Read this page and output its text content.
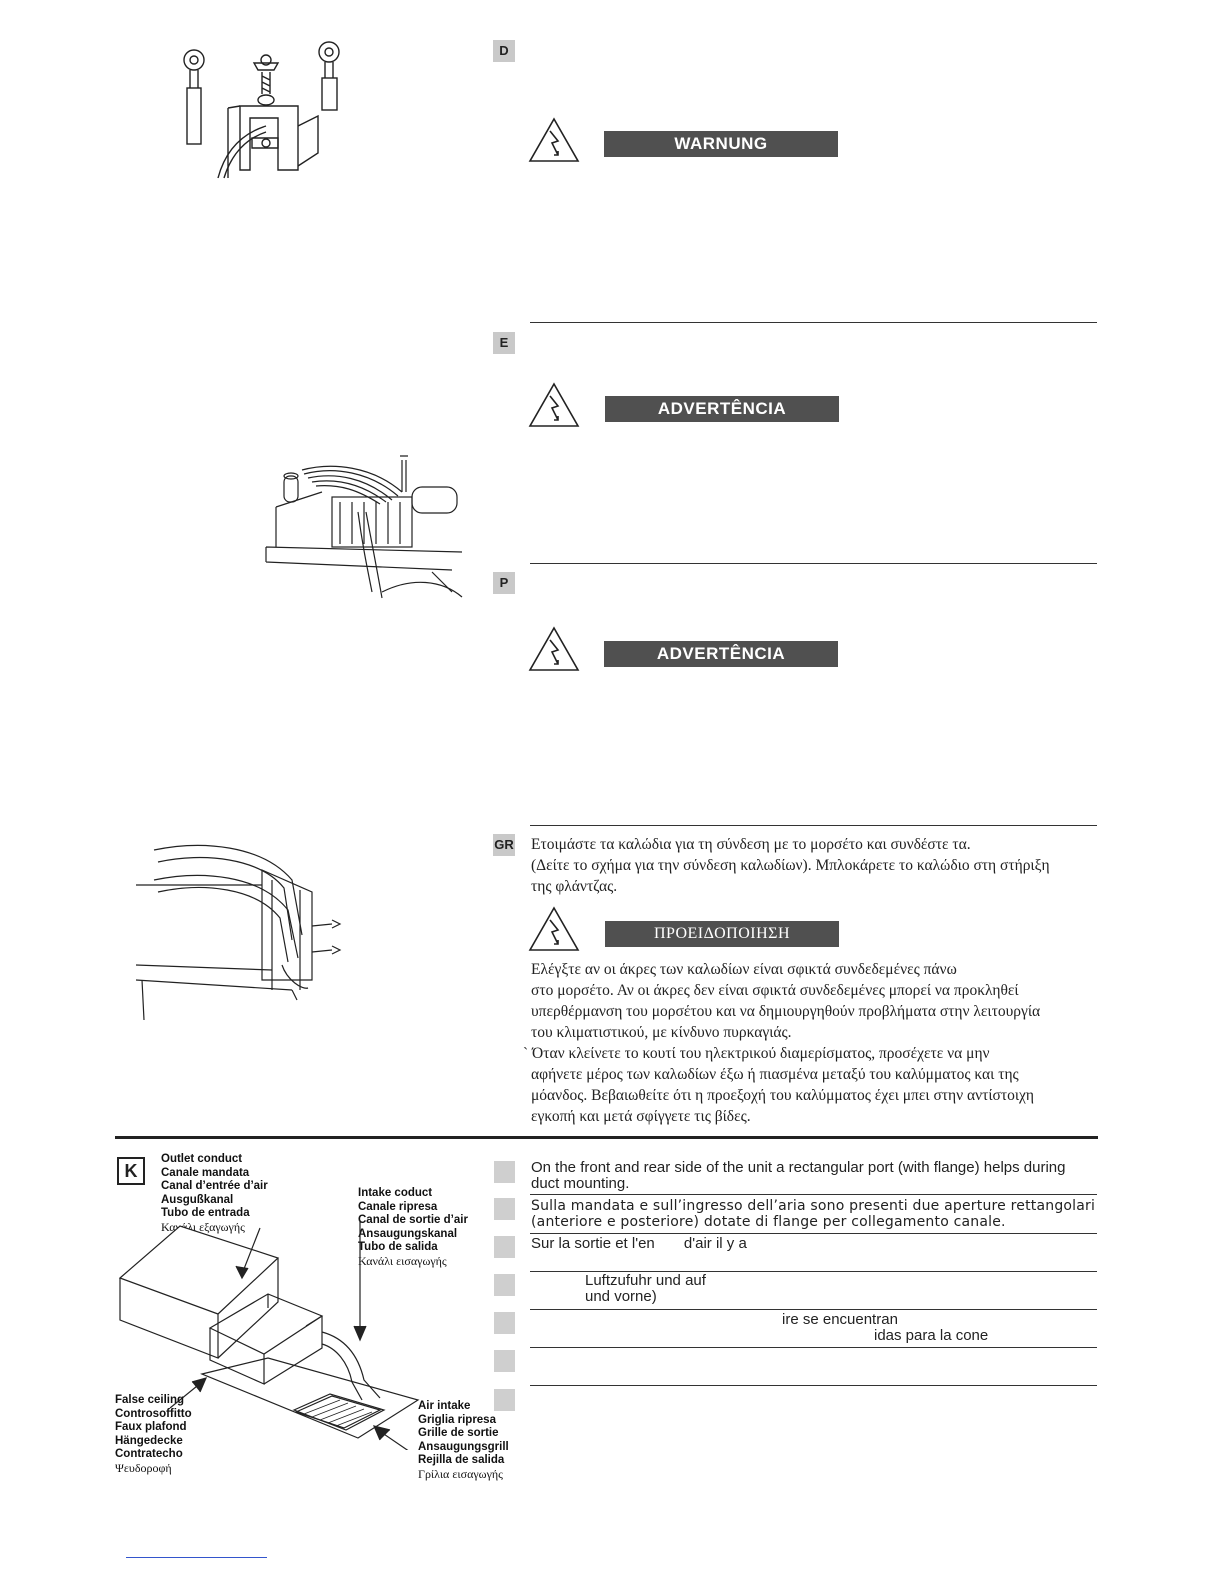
D
WARNUNG
E
ADVERTÊNCIA
P
ADVERTÊNCIA
GR Ετοιμάστε τα καλώδια για τη σύνδεση με το μορσέτο και συνδέστε τα.
(Δείτε το σχήμα για την σύνδεση καλωδίων). Μπλοκάρετε το καλώδιο στη στήριξη
της φλάντζας.
ΠΡΟΕΙΔΟΠΟΙΗΣΗ
Ελέγξτε αν οι άκρες των καλωδίων είναι σφικτά συνδεδεμένες πάνω
στο μορσέτο. Αν οι άκρες δεν είναι σφικτά συνδεδεμένες μπορεί να προκληθεί
υπερθέρμανση του μορσέτου και να δημιουργηθούν προβλήματα στην λειτουργία
του κλιματιστικού, με κίνδυνο πυρκαγιάς.
` Όταν κλείνετε το κουτί του ηλεκτρικού διαμερίσματος, προσέχετε να μην
αφήνετε μέρος των καλωδίων έξω ή πιασμένα μεταξύ του καλύμματος και της
μόανδος. Βεβαιωθείτε ότι η προεξοχή του καλύμματος έχει μπει στην αντίστοιχη
εγκοπή και μετά σφίγγετε τις βίδες.
K
Outlet conduct
Canale mandata
Canal d’entrée d’air
Ausgußkanal
Tubo de entrada
Κανάλι εξαγωγής
Intake coduct
Canale ripresa
Canal de sortie d’air
Ansaugungskanal
Tubo de salida
Κανάλι εισαγωγής
False ceiling
Controsoffitto
Faux plafond
Hängedecke
Contratecho
Ψευδοροφή
Air intake
Griglia ripresa
Grille de sortie
Ansaugungsgrill
Rejilla de salida
Γρίλια εισαγωγής
On the front and rear side of the unit a rectangular port (with flange) helps during
duct mounting.
Sulla mandata e sull’ingresso dell’aria sono presenti due aperture rettangolari
(anteriore e posteriore) dotate di flange per collegamento canale.
Sur la sortie et l'en       d'air il y a
Luftzufuhr und auf
und vorne)
ire se encuentran
idas para la cone
